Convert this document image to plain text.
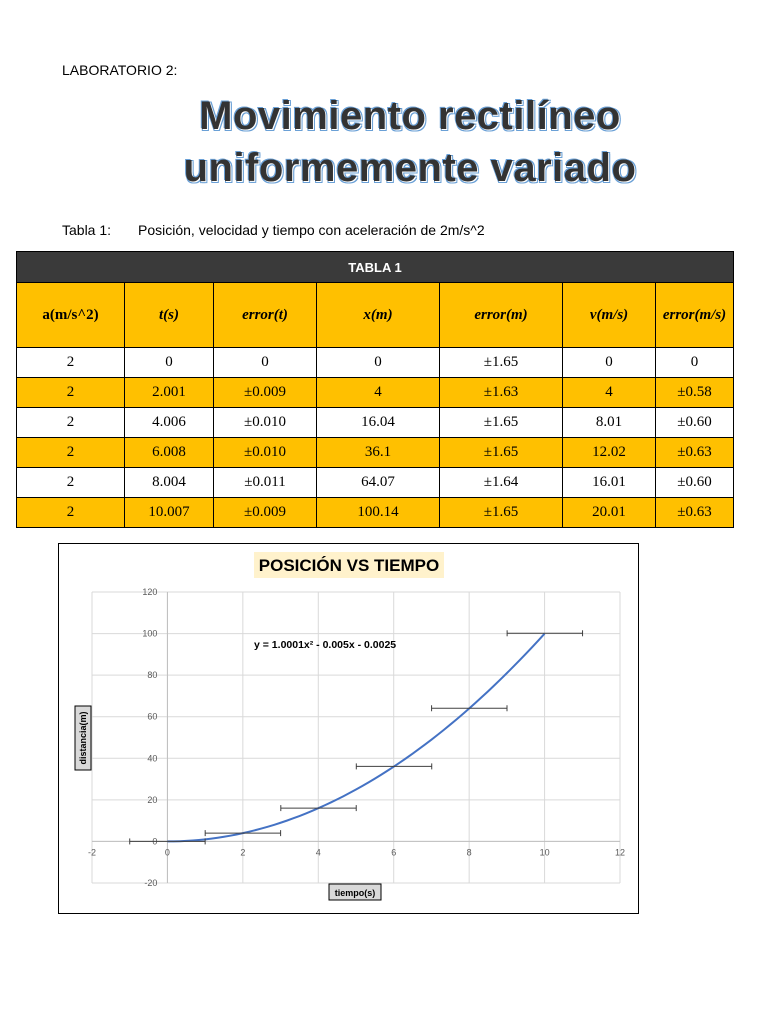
LABORATORIO 2:
Movimiento rectilíneo
uniformemente variado
Tabla 1: Posición, velocidad y tiempo con aceleración de 2m/s^2
TABLA 1						
a(m/s^2)	t(s)	error(t)	x(m)	error(m)	v(m/s)	error(m/s)
2	0	0	0	±1.65	0	0
2	2.001	±0.009	4	±1.63	4	±0.58
2	4.006	±0.010	16.04	±1.65	8.01	±0.60
2	6.008	±0.010	36.1	±1.65	12.02	±0.63
2	8.004	±0.011	64.07	±1.64	16.01	±0.60
2	10.007	±0.009	100.14	±1.65	20.01	±0.63
POSICIÓN VS TIEMPO
-2	0	2	4	6	8	10	12
-20
0
20
40
60
80
100
120
y = 1.0001x² - 0.005x - 0.0025
tiempo(s)
distancia(m)
